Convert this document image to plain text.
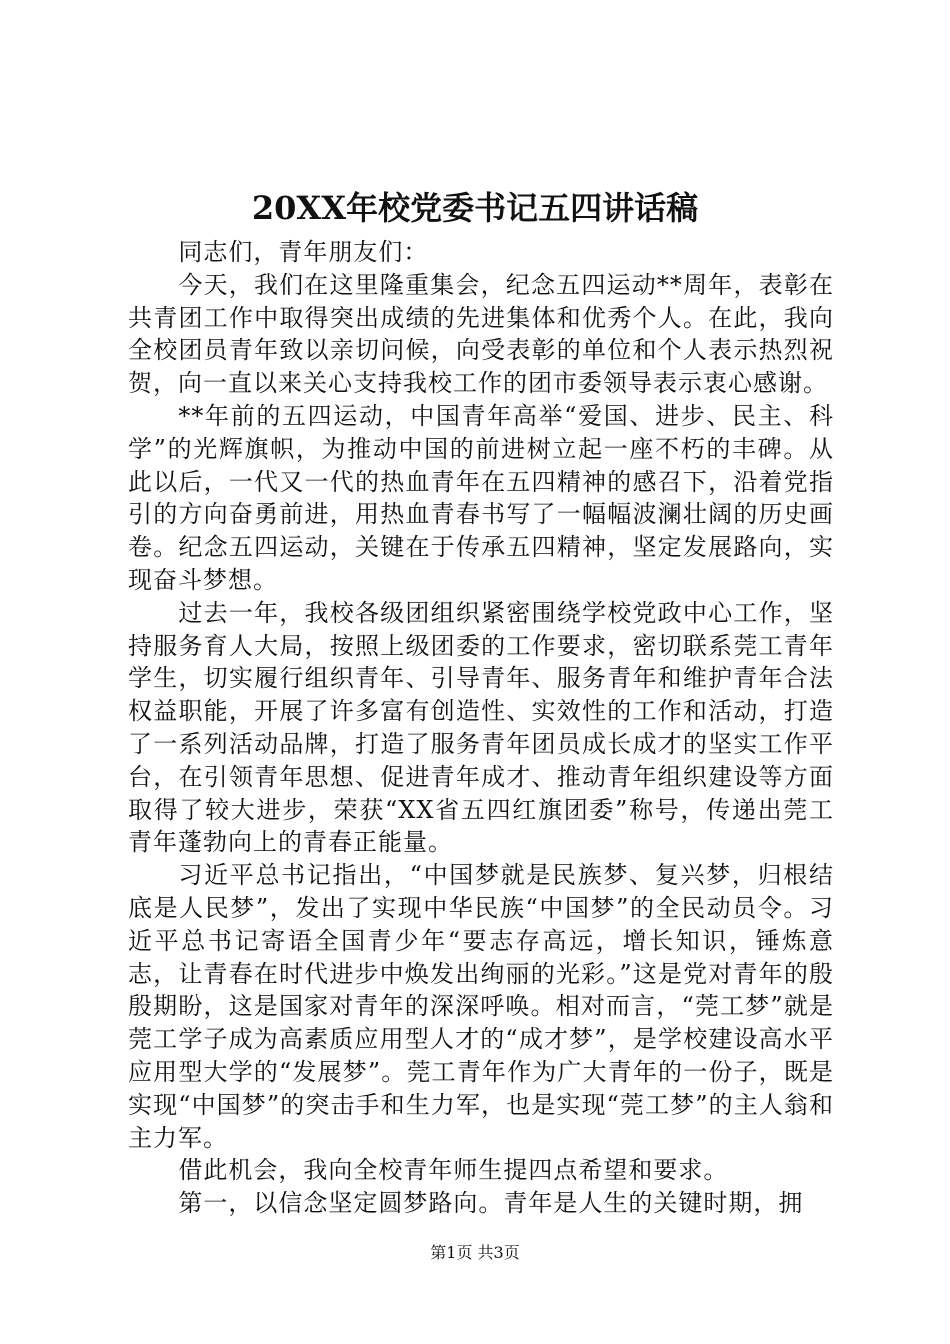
20XX年校党委书记五四讲话稿

同志们，青年朋友们：

今天，我们在这里隆重集会，纪念五四运动**周年，表彰在共青团工作中取得突出成绩的先进集体和优秀个人。在此，我向全校团员青年致以亲切问候，向受表彰的单位和个人表示热烈祝贺，向一直以来关心支持我校工作的团市委领导表示衷心感谢。

**年前的五四运动，中国青年高举“爱国、进步、民主、科学”的光辉旗帜，为推动中国的前进树立起一座不朽的丰碑。从此以后，一代又一代的热血青年在五四精神的感召下，沿着党指引的方向奋勇前进，用热血青春书写了一幅幅波澜壮阔的历史画卷。纪念五四运动，关键在于传承五四精神，坚定发展路向，实现奋斗梦想。

过去一年，我校各级团组织紧密围绕学校党政中心工作，坚持服务育人大局，按照上级团委的工作要求，密切联系莞工青年学生，切实履行组织青年、引导青年、服务青年和维护青年合法权益职能，开展了许多富有创造性、实效性的工作和活动，打造了一系列活动品牌，打造了服务青年团员成长成才的坚实工作平台，在引领青年思想、促进青年成才、推动青年组织建设等方面取得了较大进步，荣获“XX省五四红旗团委”称号，传递出莞工青年蓬勃向上的青春正能量。

习近平总书记指出，“中国梦就是民族梦、复兴梦，归根结底是人民梦”，发出了实现中华民族“中国梦”的全民动员令。习近平总书记寄语全国青少年“要志存高远，增长知识，锤炼意志，让青春在时代进步中焕发出绚丽的光彩。”这是党对青年的殷殷期盼，这是国家对青年的深深呼唤。相对而言，“莞工梦”就是莞工学子成为高素质应用型人才的“成才梦”，是学校建设高水平应用型大学的“发展梦”。莞工青年作为广大青年的一份子，既是实现“中国梦”的突击手和生力军，也是实现“莞工梦”的主人翁和主力军。

借此机会，我向全校青年师生提四点希望和要求。

第一，以信念坚定圆梦路向。青年是人生的关键时期，拥

第1页 共3页
